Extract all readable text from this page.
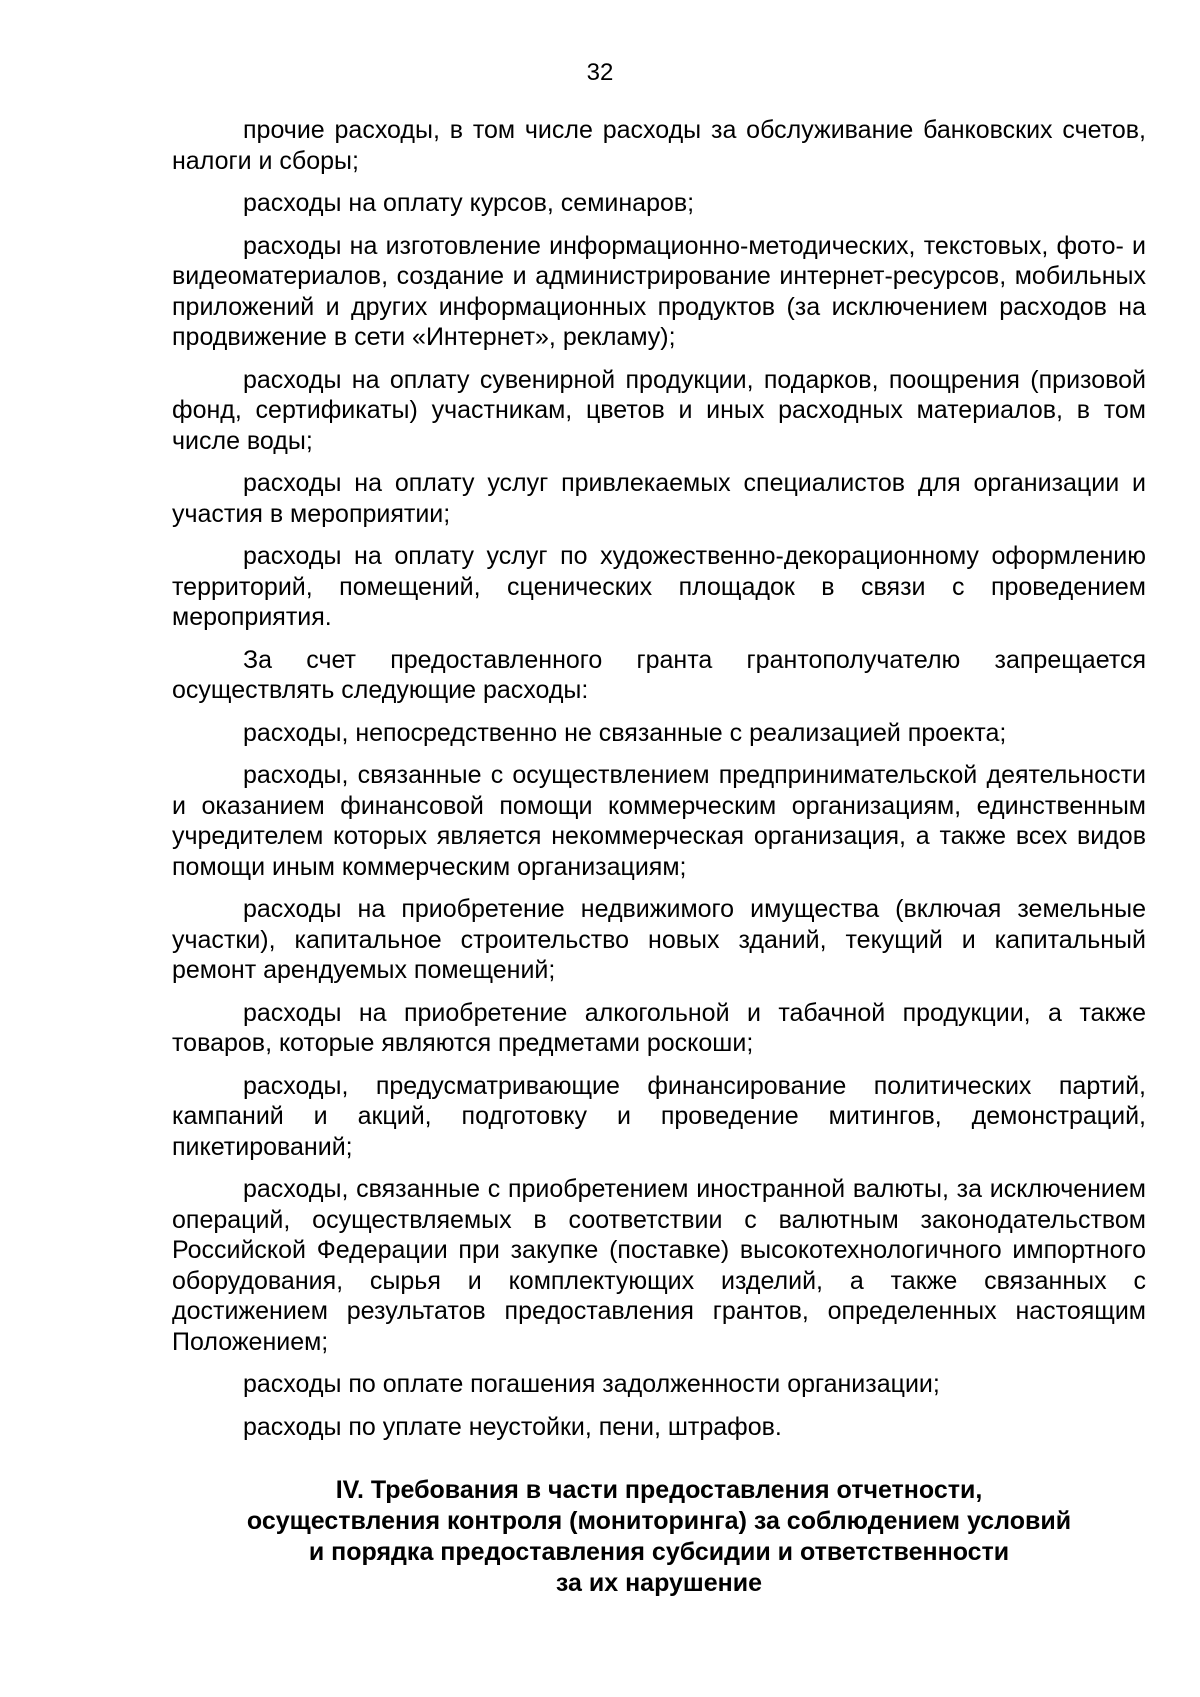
32

прочие расходы, в том числе расходы за обслуживание банковских счетов, налоги и сборы;

расходы на оплату курсов, семинаров;

расходы на изготовление информационно-методических, текстовых, фото- и видеоматериалов, создание и администрирование интернет-ресурсов, мобильных приложений и других информационных продуктов (за исключением расходов на продвижение в сети «Интернет», рекламу);

расходы на оплату сувенирной продукции, подарков, поощрения (призовой фонд, сертификаты) участникам, цветов и иных расходных материалов, в том числе воды;

расходы на оплату услуг привлекаемых специалистов для организации и участия в мероприятии;

расходы на оплату услуг по художественно-декорационному оформлению территорий, помещений, сценических площадок в связи с проведением мероприятия.

За счет предоставленного гранта грантополучателю запрещается осуществлять следующие расходы:

расходы, непосредственно не связанные с реализацией проекта;

расходы, связанные с осуществлением предпринимательской деятельности и оказанием финансовой помощи коммерческим организациям, единственным учредителем которых является некоммерческая организация, а также всех видов помощи иным коммерческим организациям;

расходы на приобретение недвижимого имущества (включая земельные участки), капитальное строительство новых зданий, текущий и капитальный ремонт арендуемых помещений;

расходы на приобретение алкогольной и табачной продукции, а также товаров, которые являются предметами роскоши;

расходы, предусматривающие финансирование политических партий, кампаний и акций, подготовку и проведение митингов, демонстраций, пикетирований;

расходы, связанные с приобретением иностранной валюты, за исключением операций, осуществляемых в соответствии с валютным законодательством Российской Федерации при закупке (поставке) высокотехнологичного импортного оборудования, сырья и комплектующих изделий, а также связанных с достижением результатов предоставления грантов, определенных настоящим Положением;

расходы по оплате погашения задолженности организации;

расходы по уплате неустойки, пени, штрафов.

IV. Требования в части предоставления отчетности,
осуществления контроля (мониторинга) за соблюдением условий
и порядка предоставления субсидии и ответственности
за их нарушение
